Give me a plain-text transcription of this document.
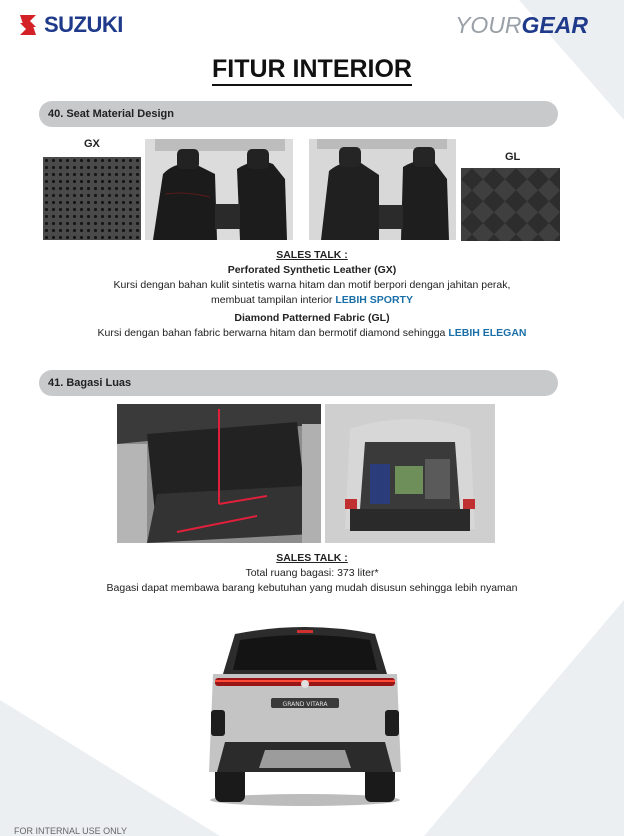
SUZUKI	YOURGEAR
FITUR INTERIOR
40. Seat Material Design
GX
GL
SALES TALK :
Perforated Synthetic Leather (GX)
Kursi dengan bahan kulit sintetis warna hitam dan motif berpori dengan jahitan perak,
membuat tampilan interior LEBIH SPORTY
Diamond Patterned Fabric (GL)
Kursi dengan bahan fabric berwarna hitam dan bermotif diamond sehingga LEBIH ELEGAN
41. Bagasi Luas
SALES TALK :
Total ruang bagasi: 373 liter*
Bagasi dapat membawa barang kebutuhan yang mudah disusun sehingga lebih nyaman
GRAND VITARA
FOR INTERNAL USE ONLY
